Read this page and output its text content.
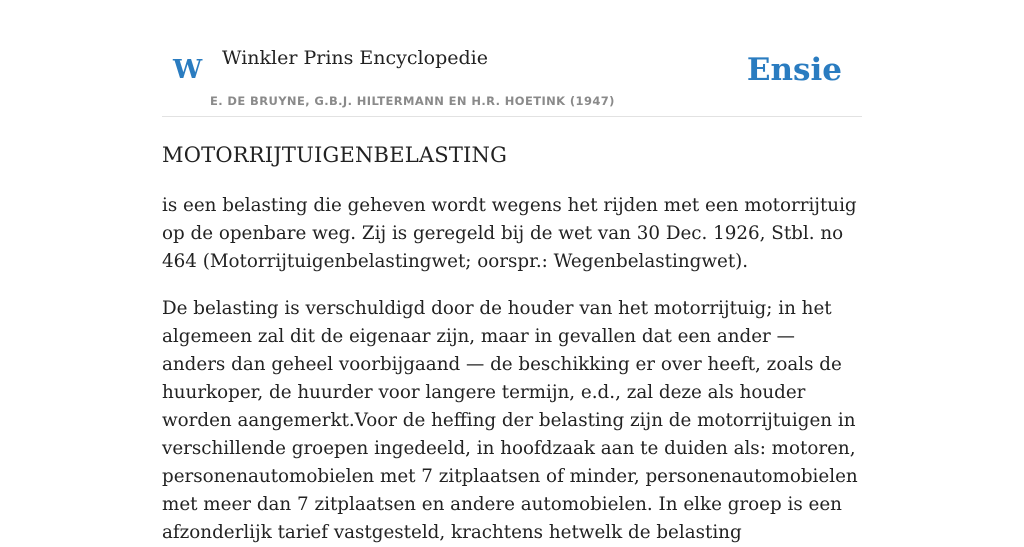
W Winkler Prins Encyclopedie
E. DE BRUYNE, G.B.J. HILTERMANN EN H.R. HOETINK (1947)
Ensie
MOTORRIJTUIGENBELASTING

is een belasting die geheven wordt wegens het rijden met een motorrijtuig op de openbare weg. Zij is geregeld bij de wet van 30 Dec. 1926, Stbl. no 464 (Motorrijtuigenbelastingwet; oorspr.: Wegenbelastingwet).

De belasting is verschuldigd door de houder van het motorrijtuig; in het algemeen zal dit de eigenaar zijn, maar in gevallen dat een ander — anders dan geheel voorbijgaand — de beschikking er over heeft, zoals de huurkoper, de huurder voor langere termijn, e.d., zal deze als houder worden aangemerkt.Voor de heffing der belasting zijn de motorrijtuigen in verschillende groepen ingedeeld, in hoofdzaak aan te duiden als: motoren, personenautomobielen met 7 zitplaatsen of minder, personenautomobielen met meer dan 7 zitplaatsen en andere automobielen. In elke groep is een afzonderlijk tarief vastgesteld, krachtens hetwelk de belasting
